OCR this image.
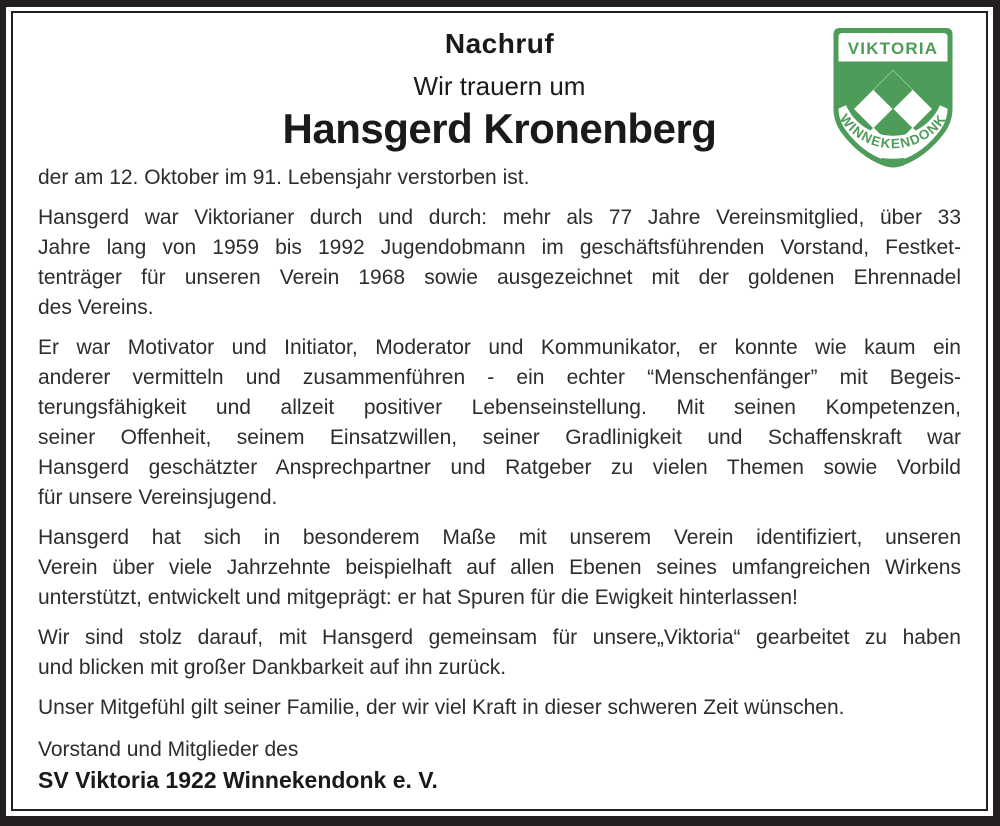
Nachruf
Wir trauern um
Hansgerd Kronenberg
der am 12. Oktober im 91. Lebensjahr verstorben ist.
Hansgerd war Viktorianer durch und durch: mehr als 77 Jahre Vereinsmitglied, über 33
Jahre lang von 1959 bis 1992 Jugendobmann im geschäftsführenden Vorstand, Festket-
tenträger für unseren Verein 1968 sowie ausgezeichnet mit der goldenen Ehrennadel
des Vereins.
Er war Motivator und Initiator, Moderator und Kommunikator, er konnte wie kaum ein
anderer vermitteln und zusammenführen - ein echter “Menschenfänger” mit Begeis-
terungsfähigkeit und allzeit positiver Lebenseinstellung. Mit seinen Kompetenzen,
seiner Offenheit, seinem Einsatzwillen, seiner Gradlinigkeit und Schaffenskraft war
Hansgerd geschätzter Ansprechpartner und Ratgeber zu vielen Themen sowie Vorbild
für unsere Vereinsjugend.
Hansgerd hat sich in besonderem Maße mit unserem Verein identifiziert, unseren
Verein über viele Jahrzehnte beispielhaft auf allen Ebenen seines umfangreichen Wirkens
unterstützt, entwickelt und mitgeprägt: er hat Spuren für die Ewigkeit hinterlassen!
Wir sind stolz darauf, mit Hansgerd gemeinsam für unsere„Viktoria“ gearbeitet zu haben
und blicken mit großer Dankbarkeit auf ihn zurück.
Unser Mitgefühl gilt seiner Familie, der wir viel Kraft in dieser schweren Zeit wünschen.
Vorstand und Mitglieder des
SV Viktoria 1922 Winnekendonk e. V.
VIKTORIA
WINNEKENDONK
